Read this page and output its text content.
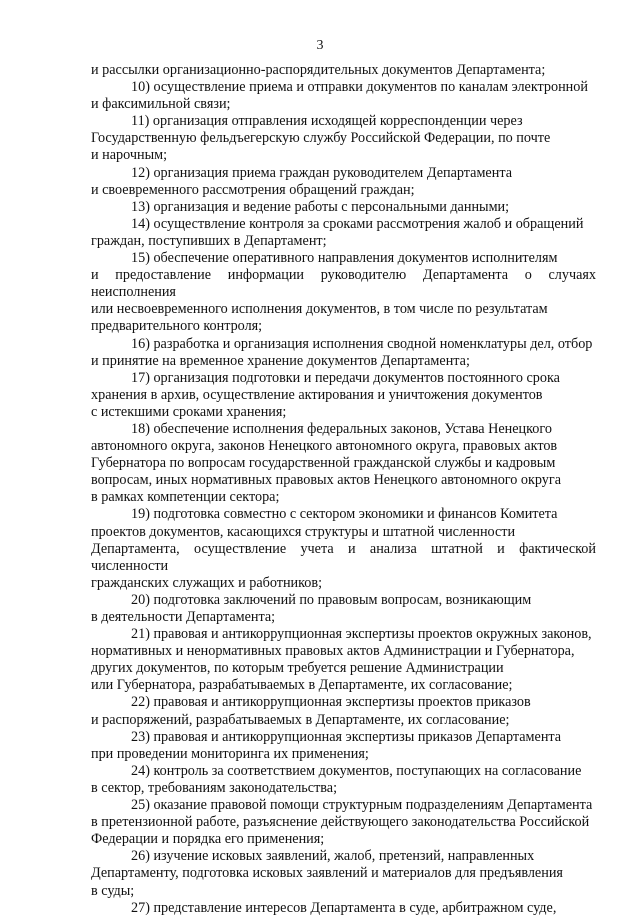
3

и рассылки организационно-распорядительных документов Департамента;

10) осуществление приема и отправки документов по каналам электронной
и факсимильной связи;

11) организация отправления исходящей корреспонденции через
Государственную фельдъегерскую службу Российской Федерации, по почте
и нарочным;

12) организация приема граждан руководителем Департамента
и своевременного рассмотрения обращений граждан;

13) организация и ведение работы с персональными данными;

14) осуществление контроля за сроками рассмотрения жалоб и обращений
граждан, поступивших в Департамент;

15) обеспечение оперативного направления документов исполнителям
и предоставление информации руководителю Департамента о случаях неисполнения
или несвоевременного исполнения документов, в том числе по результатам
предварительного контроля;

16) разработка и организация исполнения сводной номенклатуры дел, отбор
и принятие на временное хранение документов Департамента;

17) организация подготовки и передачи документов постоянного срока
хранения в архив, осуществление актирования и уничтожения документов
с истекшими сроками хранения;

18) обеспечение исполнения федеральных законов, Устава Ненецкого
автономного округа, законов Ненецкого автономного округа, правовых актов
Губернатора по вопросам государственной гражданской службы и кадровым
вопросам, иных нормативных правовых актов Ненецкого автономного округа
в рамках компетенции сектора;

19) подготовка совместно с сектором экономики и финансов Комитета
проектов документов, касающихся структуры и штатной численности
Департамента, осуществление учета и анализа штатной и фактической численности
гражданских служащих и работников;

20) подготовка заключений по правовым вопросам, возникающим
в деятельности Департамента;

21) правовая и антикоррупционная экспертизы проектов окружных законов,
нормативных и ненормативных правовых актов Администрации и Губернатора,
других документов, по которым требуется решение Администрации
или Губернатора, разрабатываемых в Департаменте, их согласование;

22) правовая и антикоррупционная экспертизы проектов приказов
и распоряжений, разрабатываемых в Департаменте, их согласование;

23) правовая и антикоррупционная экспертизы приказов Департамента
при проведении мониторинга их применения;

24) контроль за соответствием документов, поступающих на согласование
в сектор, требованиям законодательства;

25) оказание правовой помощи структурным подразделениям Департамента
в претензионной работе, разъяснение действующего законодательства Российской
Федерации и порядка его применения;

26) изучение исковых заявлений, жалоб, претензий, направленных
Департаменту, подготовка исковых заявлений и материалов для предъявления
в суды;

27) представление интересов Департамента в суде, арбитражном суде,
